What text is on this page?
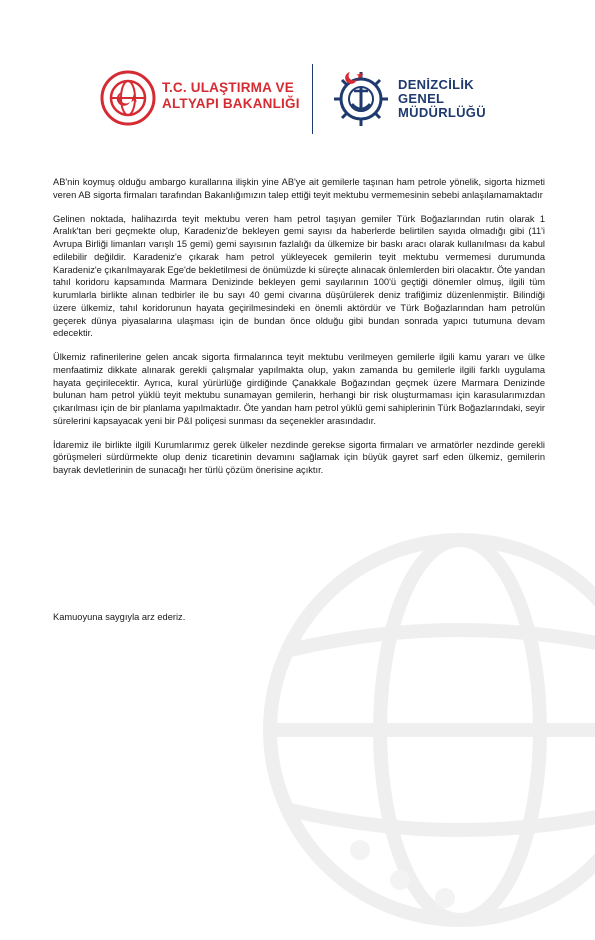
T.C. ULAŞTIRMA VE
ALTYAPI BAKANLIĞI
DENİZCİLİK
GENEL
MÜDÜRLÜĞÜ

AB'nin koymuş olduğu ambargo kurallarına ilişkin yine AB'ye ait gemilerle taşınan ham petrole yönelik, sigorta hizmeti veren AB sigorta firmaları tarafından Bakanlığımızın talep ettiği teyit mektubu vermemesinin sebebi anlaşılamamaktadır

Gelinen noktada, halihazırda teyit mektubu veren ham petrol taşıyan gemiler Türk Boğazlarından rutin olarak 1 Aralık'tan beri geçmekte olup, Karadeniz'de bekleyen gemi sayısı da haberlerde belirtilen sayıda olmadığı gibi (11'i Avrupa Birliği limanları varışlı 15 gemi) gemi sayısının fazlalığı da ülkemize bir baskı aracı olarak kullanılması da kabul edilebilir değildir. Karadeniz'e çıkarak ham petrol yükleyecek gemilerin teyit mektubu vermemesi durumunda Karadeniz'e çıkarılmayarak Ege'de bekletilmesi de önümüzde ki süreçte alınacak önlemlerden biri olacaktır. Öte yandan tahıl koridoru kapsamında Marmara Denizinde bekleyen gemi sayılarının 100'ü geçtiği dönemler olmuş, ilgili tüm kurumlarla birlikte alınan tedbirler ile bu sayı 40 gemi civarına düşürülerek deniz trafiğimiz düzenlenmiştir. Bilindiği üzere ülkemiz, tahıl koridorunun hayata geçirilmesindeki en önemli aktördür ve Türk Boğazlarından ham petrolün geçerek dünya piyasalarına ulaşması için de bundan önce olduğu gibi bundan sonrada yapıcı tutumuna devam edecektir.

Ülkemiz rafinerilerine gelen ancak sigorta firmalarınca teyit mektubu verilmeyen gemilerle ilgili kamu yararı ve ülke menfaatimiz dikkate alınarak gerekli çalışmalar yapılmakta olup, yakın zamanda bu gemilerle ilgili farklı uygulama hayata geçirilecektir. Ayrıca, kural yürürlüğe girdiğinde Çanakkale Boğazından geçmek üzere Marmara Denizinde bulunan ham petrol yüklü teyit mektubu sunamayan gemilerin, herhangi bir risk oluşturmaması için karasularımızdan çıkarılması için de bir planlama yapılmaktadır. Öte yandan ham petrol yüklü gemi sahiplerinin Türk Boğazlarındaki, seyir sürelerini kapsayacak yeni bir P&I poliçesi sunması da seçenekler arasındadır.

İdaremiz ile birlikte ilgili Kurumlarımız gerek ülkeler nezdinde gerekse sigorta firmaları ve armatörler nezdinde gerekli görüşmeleri sürdürmekte olup deniz ticaretinin devamını sağlamak için büyük gayret sarf eden ülkemiz, gemilerin bayrak devletlerinin de sunacağı her türlü çözüm önerisine açıktır.

Kamuoyuna saygıyla arz ederiz.
